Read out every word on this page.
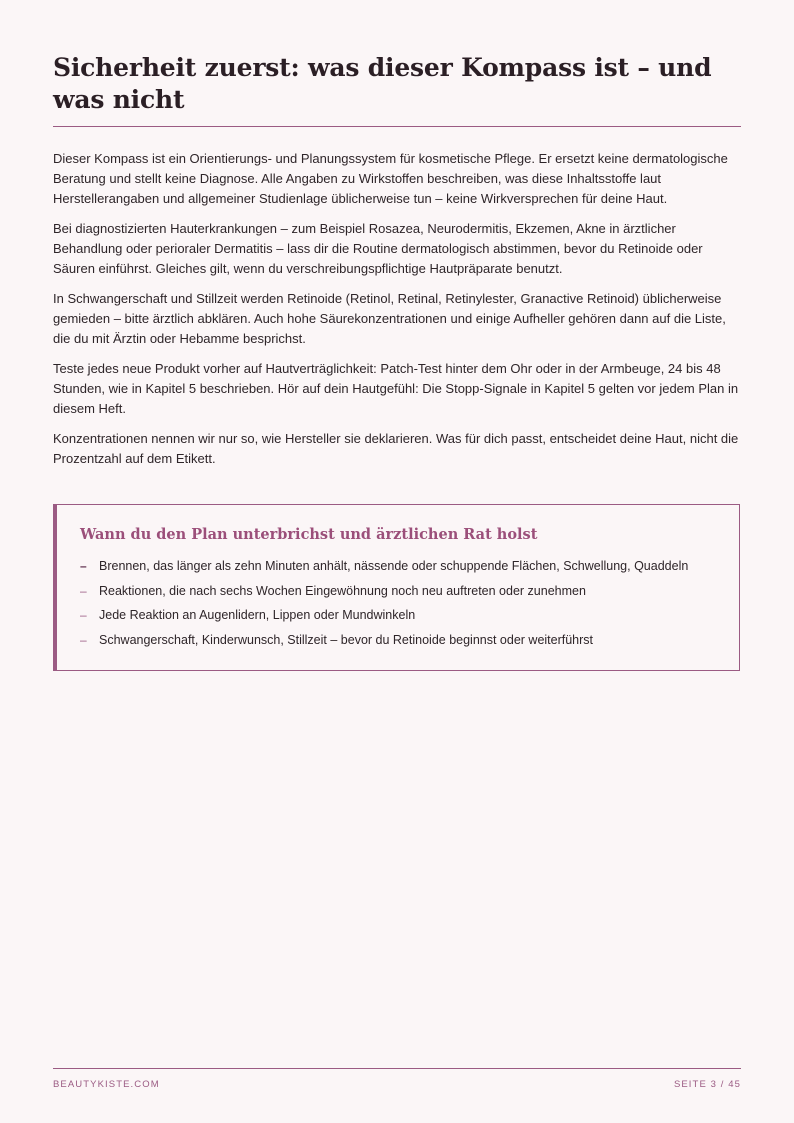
Sicherheit zuerst: was dieser Kompass ist – und was nicht

Dieser Kompass ist ein Orientierungs- und Planungssystem für kosmetische Pflege. Er ersetzt keine dermatologische Beratung und stellt keine Diagnose. Alle Angaben zu Wirkstoffen beschreiben, was diese Inhaltsstoffe laut Herstellerangaben und allgemeiner Studienlage üblicherweise tun – keine Wirkversprechen für deine Haut.

Bei diagnostizierten Hauterkrankungen – zum Beispiel Rosazea, Neurodermitis, Ekzemen, Akne in ärztlicher Behandlung oder perioraler Dermatitis – lass dir die Routine dermatologisch abstimmen, bevor du Retinoide oder Säuren einführst. Gleiches gilt, wenn du verschreibungspflichtige Hautpräparate benutzt.

In Schwangerschaft und Stillzeit werden Retinoide (Retinol, Retinal, Retinylester, Granactive Retinoid) üblicherweise gemieden – bitte ärztlich abklären. Auch hohe Säurekonzentrationen und einige Aufheller gehören dann auf die Liste, die du mit Ärztin oder Hebamme besprichst.

Teste jedes neue Produkt vorher auf Hautverträglichkeit: Patch-Test hinter dem Ohr oder in der Armbeuge, 24 bis 48 Stunden, wie in Kapitel 5 beschrieben. Hör auf dein Hautgefühl: Die Stopp-Signale in Kapitel 5 gelten vor jedem Plan in diesem Heft.

Konzentrationen nennen wir nur so, wie Hersteller sie deklarieren. Was für dich passt, entscheidet deine Haut, nicht die Prozentzahl auf dem Etikett.

Wann du den Plan unterbrichst und ärztlichen Rat holst
– Brennen, das länger als zehn Minuten anhält, nässende oder schuppende Flächen, Schwellung, Quaddeln
– Reaktionen, die nach sechs Wochen Eingewöhnung noch neu auftreten oder zunehmen
– Jede Reaktion an Augenlidern, Lippen oder Mundwinkeln
– Schwangerschaft, Kinderwunsch, Stillzeit – bevor du Retinoide beginnst oder weiterführst
BEAUTYKISTE.COM	SEITE 3 / 45
